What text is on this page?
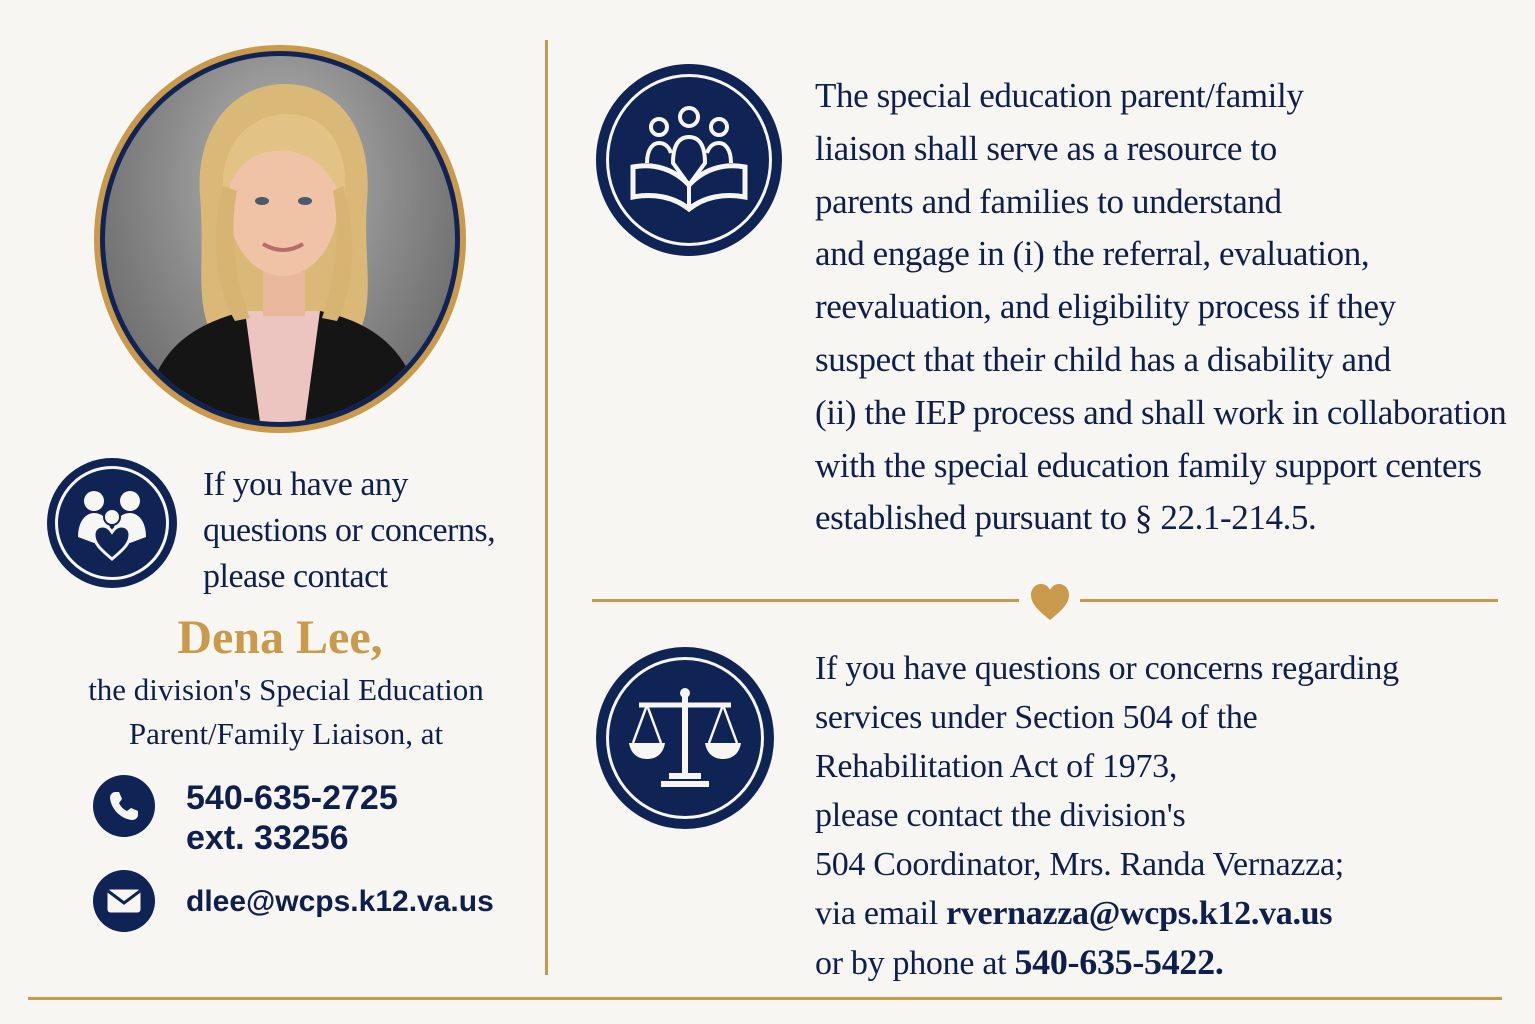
If you have any
questions or concerns,
please contact
Dena Lee,
the division's Special Education
Parent/Family Liaison, at
540-635-2725
ext. 33256
dlee@wcps.k12.va.us
The special education parent/family
liaison shall serve as a resource to
parents and families to understand
and engage in (i) the referral, evaluation,
reevaluation, and eligibility process if they
suspect that their child has a disability and
(ii) the IEP process and shall work in collaboration
with the special education family support centers
established pursuant to § 22.1-214.5.
If you have questions or concerns regarding
services under Section 504 of the
Rehabilitation Act of 1973,
please contact the division's
504 Coordinator, Mrs. Randa Vernazza;
via email rvernazza@wcps.k12.va.us
or by phone at 540-635-5422.
